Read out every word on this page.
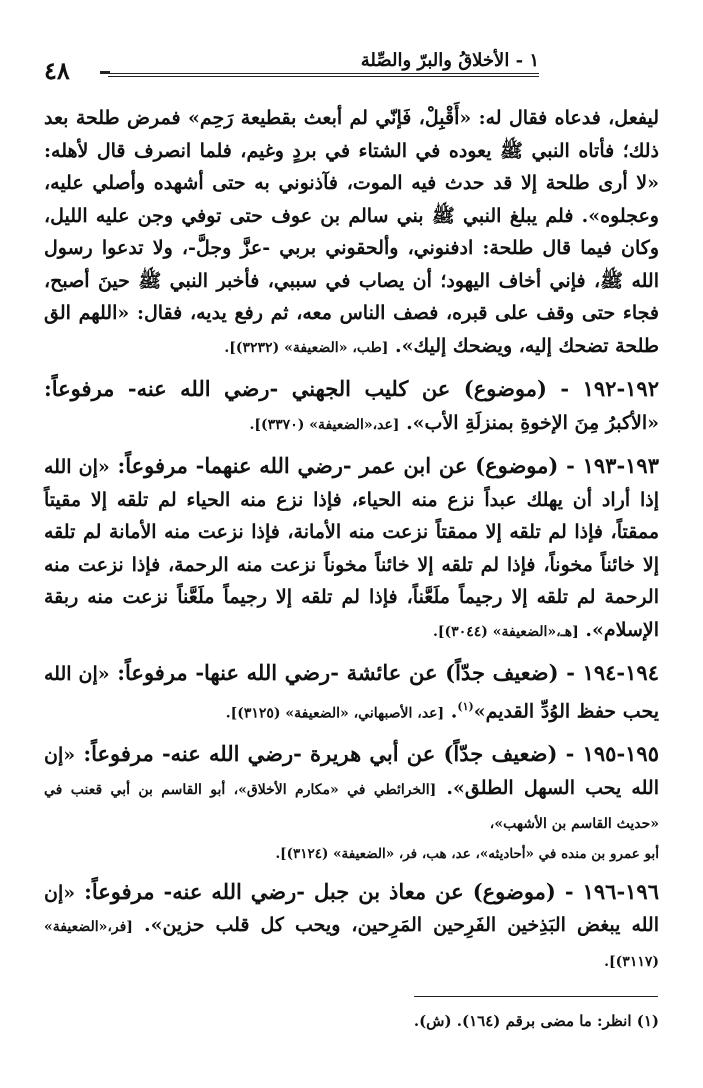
١ - الأخلاقُ والبرّ والصِّلة
٤٨

ليفعل، فدعاه فقال له: «أَقْبِلْ، فَإنّي لم أبعث بقطيعة رَحِم» فمرض طلحة بعد ذلك؛ فأتاه النبي ﷺ يعوده في الشتاء في بردٍ وغيم، فلما انصرف قال لأهله: «لا أرى طلحة إلا قد حدث فيه الموت، فآذنوني به حتى أشهده وأصلي عليه، وعجلوه». فلم يبلغ النبي ﷺ بني سالم بن عوف حتى توفي وجن عليه الليل، وكان فيما قال طلحة: ادفنوني، وألحقوني بربي -عزَّ وجلَّ-، ولا تدعوا رسول الله ﷺ، فإني أخاف اليهود؛ أن يصاب في سببي، فأخبر النبي ﷺ حينَ أصبح، فجاء حتى وقف على قبره، فصف الناس معه، ثم رفع يديه، فقال: «اللهم الق طلحة تضحك إليه، ويضحك إليك». [طب، «الضعيفة» (٣٢٣٢)].

١٩٢-١٩٢ - (موضوع) عن كليب الجهني -رضي الله عنه- مرفوعاً: «الأكبرُ مِنَ الإخوةِ بمنزلَةِ الأب». [عد،«الضعيفة» (٣٣٧٠)].

١٩٣-١٩٣ - (موضوع) عن ابن عمر -رضي الله عنهما- مرفوعاً: «إن الله إذا أراد أن يهلك عبداً نزع منه الحياء، فإذا نزع منه الحياء لم تلقه إلا مقيتاً ممقتاً، فإذا لم تلقه إلا ممقتاً نزعت منه الأمانة، فإذا نزعت منه الأمانة لم تلقه إلا خائناً مخوناً، فإذا لم تلقه إلا خائناً مخوناً نزعت منه الرحمة، فإذا نزعت منه الرحمة لم تلقه إلا رجيماً ملَعَّناً، فإذا لم تلقه إلا رجيماً ملَعَّناً نزعت منه ربقة الإسلام». [هـ،«الضعيفة» (٣٠٤٤)].

١٩٤-١٩٤ - (ضعيف جدّاً) عن عائشة -رضي الله عنها- مرفوعاً: «إن الله يحب حفظ الوُدِّ القديم»$^{(١)}$. [عد، الأصبهاني، «الضعيفة» (٣١٢٥)].

١٩٥-١٩٥ - (ضعيف جدّاً) عن أبي هريرة -رضي الله عنه- مرفوعاً: «إن الله يحب السهل الطلق». [الخرائطي في «مكارم الأخلاق»، أبو القاسم بن أبي قعنب في «حديث القاسم بن الأشهب»،

أبو عمرو بن منده في «أحاديثه»، عد، هب، فر، «الضعيفة» (٣١٢٤)].

١٩٦-١٩٦ - (موضوع) عن معاذ بن جبل -رضي الله عنه- مرفوعاً: «إن الله يبغض البَذِخين الفَرِحين المَرِحين، ويحب كل قلب حزين». [فر،«الضعيفة» (٣١١٧)].

(١) انظر: ما مضى برقم (١٦٤). (ش).
